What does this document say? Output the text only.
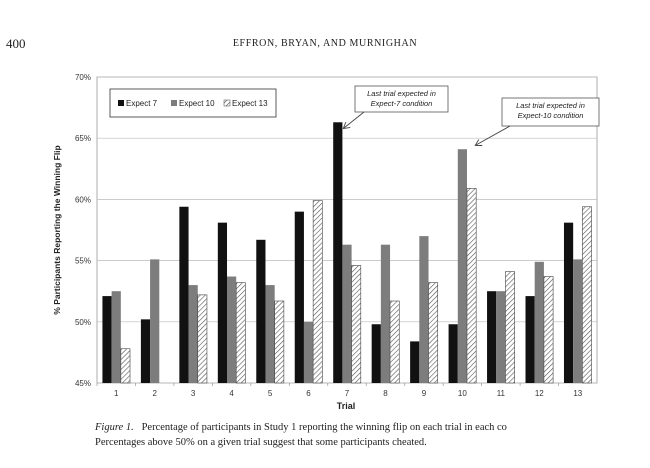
400	EFFRON, BRYAN, AND MURNIGHAN
45%
50%
55%
60%
65%
70%
1	2	3	4	5	6	7	8	9	10	11	12	13
Expect 7	Expect 10 Expect 13
Last trial expected in
Expect-7 condition	Last trial expected in
Expect-10 condition
% Participants Reporting the Winning Flip
Trial
Figure 1. Percentage of participants in Study 1 reporting the winning flip on each trial in each co
Percentages above 50% on a given trial suggest that some participants cheated.
